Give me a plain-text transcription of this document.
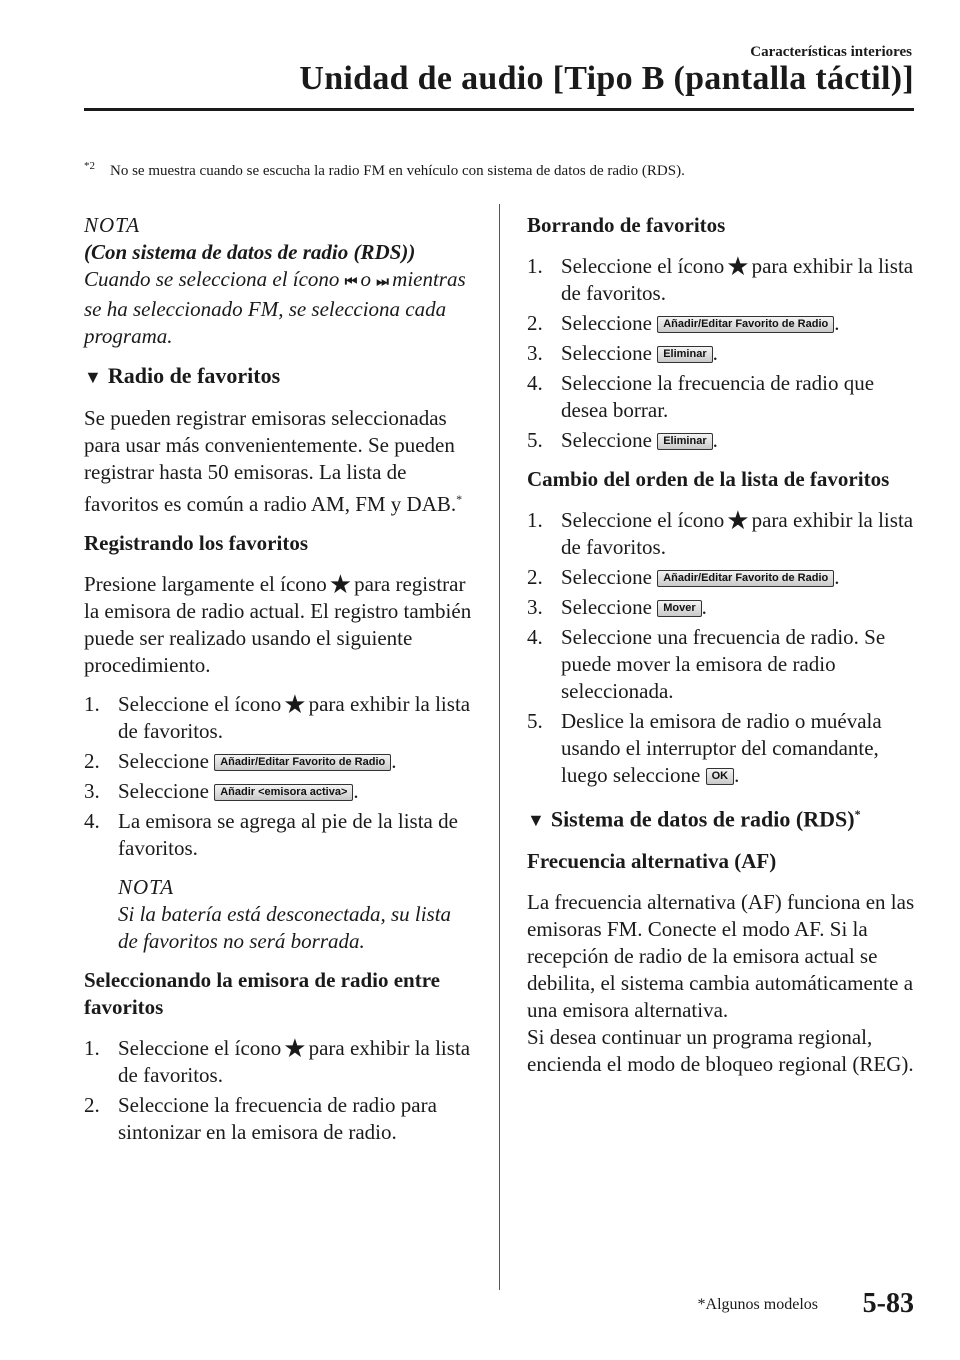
Características interiores
Unidad de audio [Tipo B (pantalla táctil)]
$^{*2}$ No se muestra cuando se escucha la radio FM en vehículo con sistema de datos de radio (RDS).

NOTA

(Con sistema de datos de radio (RDS))

Cuando se selecciona el ícono ⏮ o ⏭ mientras se ha seleccionado FM, se selecciona cada programa.

▼ Radio de favoritos

Se pueden registrar emisoras seleccionadas para usar más convenientemente. Se pueden registrar hasta 50 emisoras. La lista de favoritos es común a radio AM, FM y DAB.*

Registrando los favoritos

Presione largamente el ícono★para registrar la emisora de radio actual. El registro también puede ser realizado usando el siguiente procedimiento.

1. Seleccione el ícono★para exhibir la lista de favoritos.
2. Seleccione Añadir/Editar Favorito de Radio .
3. Seleccione Añadir <emisora activa> .
4. La emisora se agrega al pie de la lista de favoritos.

NOTA

Si la batería está desconectada, su lista de favoritos no será borrada.

Seleccionando la emisora de radio entre favoritos

1. Seleccione el ícono★para exhibir la lista de favoritos.
2. Seleccione la frecuencia de radio para sintonizar en la emisora de radio.

Borrando de favoritos

1. Seleccione el ícono★para exhibir la lista de favoritos.
2. Seleccione Añadir/Editar Favorito de Radio .
3. Seleccione Eliminar .
4. Seleccione la frecuencia de radio que desea borrar.
5. Seleccione Eliminar .

Cambio del orden de la lista de favoritos

1. Seleccione el ícono★para exhibir la lista de favoritos.
2. Seleccione Añadir/Editar Favorito de Radio .
3. Seleccione Mover .
4. Seleccione una frecuencia de radio. Se puede mover la emisora de radio seleccionada.
5. Deslice la emisora de radio o muévala usando el interruptor del comandante, luego seleccione OK .
▼ Sistema de datos de radio (RDS)*

Frecuencia alternativa (AF)

La frecuencia alternativa (AF) funciona en las emisoras FM. Conecte el modo AF. Si la recepción de radio de la emisora actual se debilita, el sistema cambia automáticamente a una emisora alternativa.

Si desea continuar un programa regional, encienda el modo de bloqueo regional (REG).

*Algunos modelos 5-83
